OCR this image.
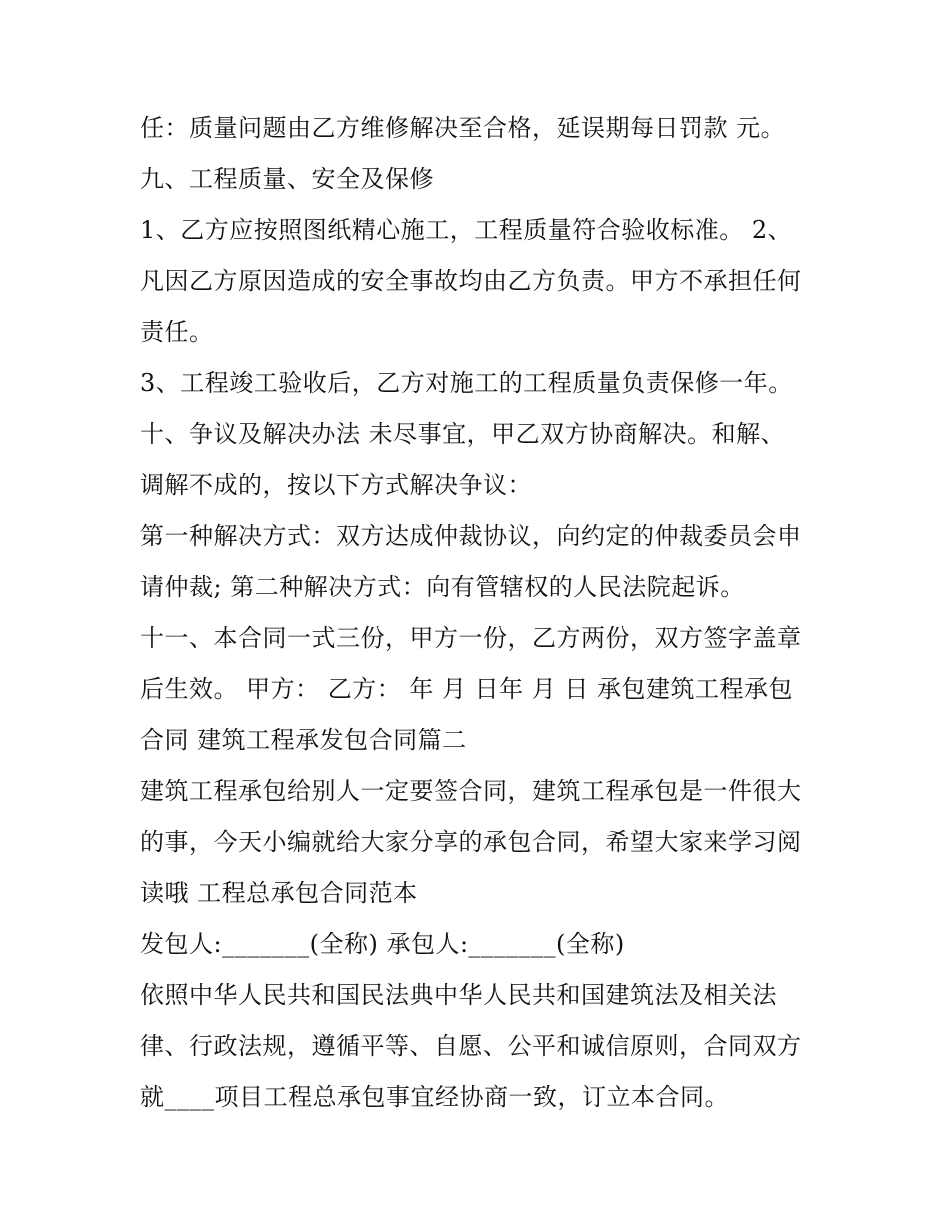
任：质量问题由乙方维修解决至合格，延误期每日罚款 元。
九、工程质量、安全及保修
1、乙方应按照图纸精心施工，工程质量符合验收标准。 2、
凡因乙方原因造成的安全事故均由乙方负责。甲方不承担任何
责任。
3、工程竣工验收后，乙方对施工的工程质量负责保修一年。
十、争议及解决办法 未尽事宜，甲乙双方协商解决。和解、
调解不成的，按以下方式解决争议：
第一种解决方式：双方达成仲裁协议，向约定的仲裁委员会申
请仲裁; 第二种解决方式：向有管辖权的人民法院起诉。
十一、本合同一式三份，甲方一份，乙方两份，双方签字盖章
后生效。 甲方： 乙方： 年 月 日年 月 日 承包建筑工程承包
合同 建筑工程承发包合同篇二
建筑工程承包给别人一定要签合同，建筑工程承包是一件很大
的事，今天小编就给大家分享的承包合同，希望大家来学习阅
读哦 工程总承包合同范本
发包人:_______(全称) 承包人:_______(全称)
依照中华人民共和国民法典中华人民共和国建筑法及相关法
律、行政法规，遵循平等、自愿、公平和诚信原则，合同双方
就____项目工程总承包事宜经协商一致，订立本合同。
